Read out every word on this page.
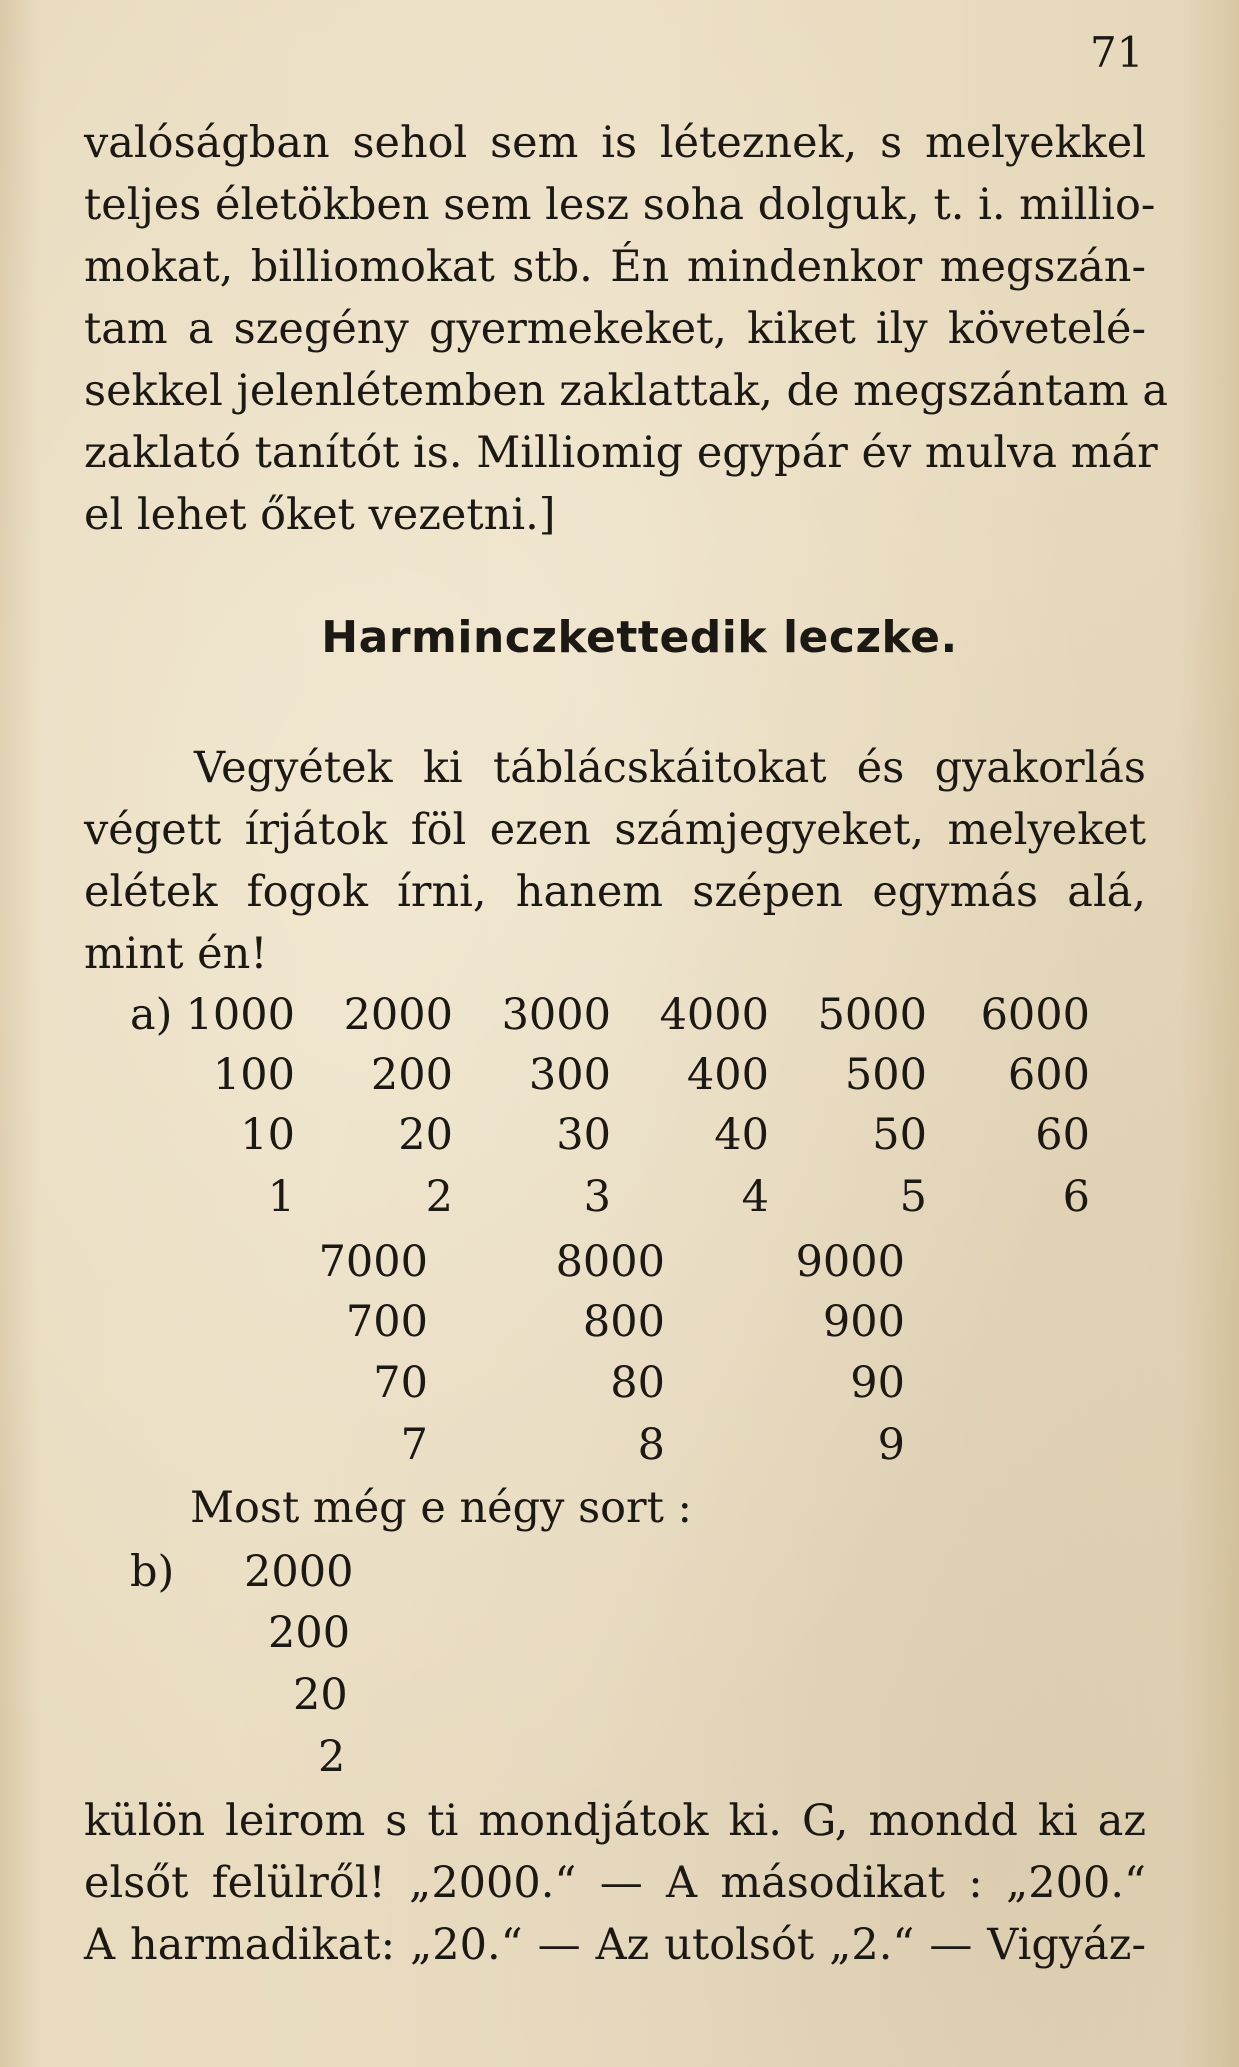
71
valóságban sehol sem is léteznek, s melyekkel
teljes életökben sem lesz soha dolguk, t. i. millio-
mokat, billiomokat stb. Én mindenkor megszán-
tam a szegény gyermekeket, kiket ily követelé-
sekkel jelenlétemben zaklattak, de megszántam a
zaklató tanítót is. Milliomig egypár év mulva már
el lehet őket vezetni.]
Harminczkettedik leczke.
Vegyétek ki táblácskáitokat és gyakorlás
végett írjátok föl ezen számjegyeket, melyeket
elétek fogok írni, hanem szépen egymás alá,
mint én!
a) 1000	2000	3000	4000	5000	6000
100	200	300	400	500	600
10	20	30	40	50	60
1	2	3	4	5	6
7000	8000	9000
700	800	900
70	80	90
7	8	9
Most még e négy sort :
b) 2000
200
20
2
külön leirom s ti mondjátok ki. G, mondd ki az
elsőt felülről! „2000.“ — A másodikat : „200.“
A harmadikat: „20.“ — Az utolsót „2.“ — Vigyáz-
